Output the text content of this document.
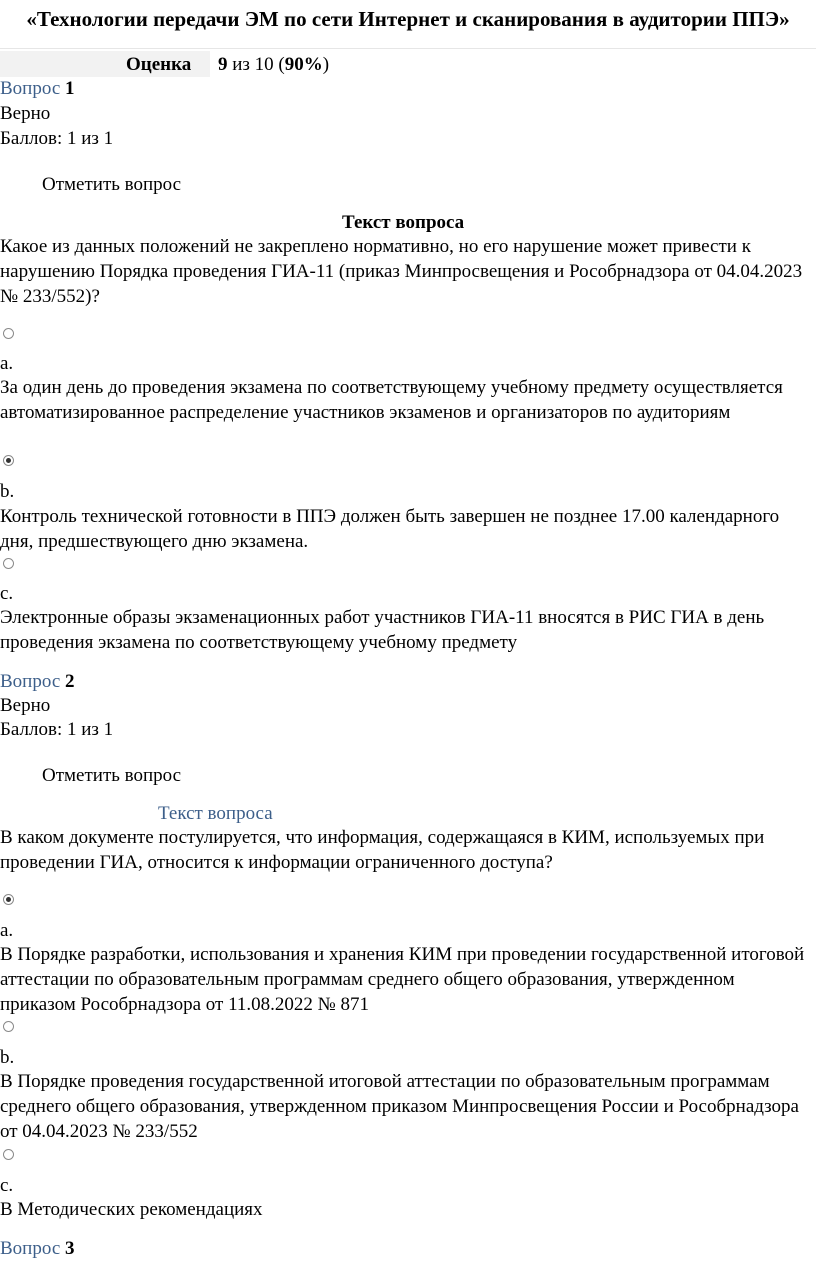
«Технологии передачи ЭМ по сети Интернет и сканирования в аудитории ППЭ»
Оценка 9 из 10 (90%)
Вопрос 1
Верно
Баллов: 1 из 1
Отметить вопрос
Текст вопроса
Какое из данных положений не закреплено нормативно, но его нарушение может привести к нарушению Порядка проведения ГИА-11 (приказ Минпросвещения и Рособрнадзора от 04.04.2023 № 233/552)?
a.
За один день до проведения экзамена по соответствующему учебному предмету осуществляется автоматизированное распределение участников экзаменов и организаторов по аудиториям
b.
Контроль технической готовности в ППЭ должен быть завершен не позднее 17.00 календарного дня, предшествующего дню экзамена.
c.
Электронные образы экзаменационных работ участников ГИА-11 вносятся в РИС ГИА в день проведения экзамена по соответствующему учебному предмету
Вопрос 2
Верно
Баллов: 1 из 1
Отметить вопрос
Текст вопроса
В каком документе постулируется, что информация, содержащаяся в КИМ, используемых при проведении ГИА, относится к информации ограниченного доступа?
a.
В Порядке разработки, использования и хранения КИМ при проведении государственной итоговой аттестации по образовательным программам среднего общего образования, утвержденном приказом Рособрнадзора от 11.08.2022 № 871
b.
В Порядке проведения государственной итоговой аттестации по образовательным программам среднего общего образования, утвержденном приказом Минпросвещения России и Рособрнадзора от 04.04.2023 № 233/552
c.
В Методических рекомендациях
Вопрос 3
